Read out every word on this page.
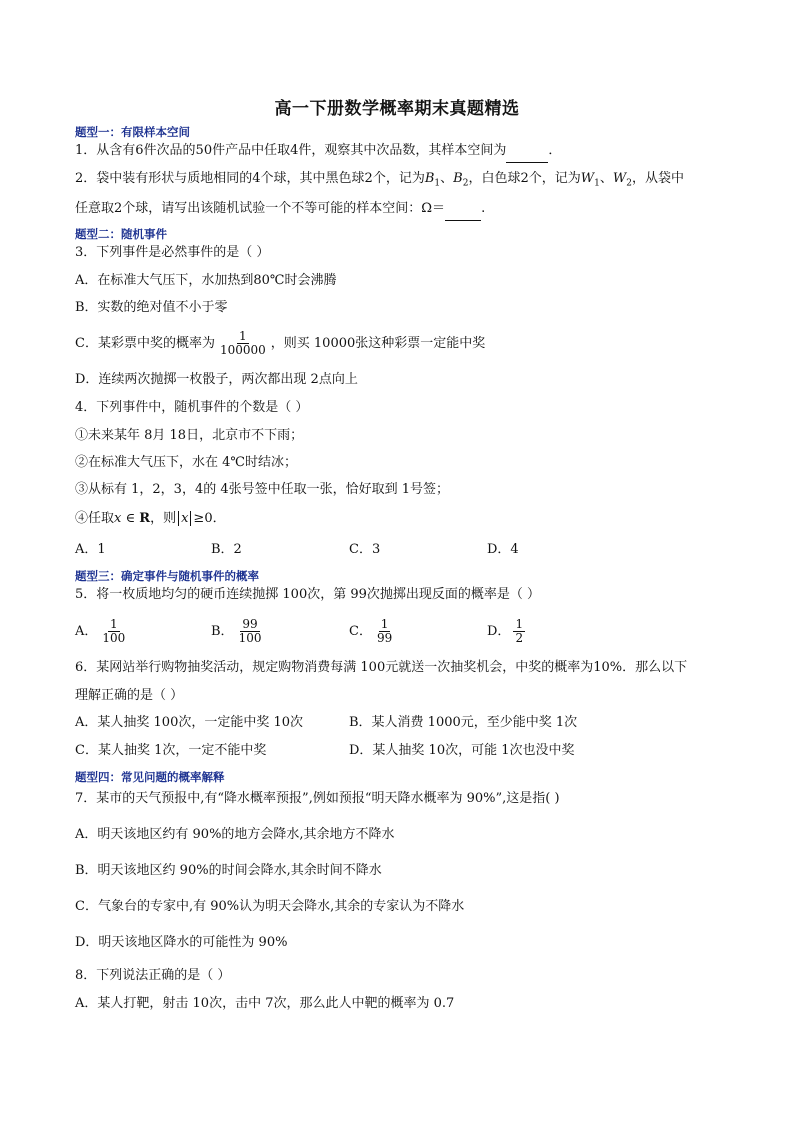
高一下册数学概率期末真题精选
题型一：有限样本空间
1．从含有6件次品的50件产品中任取4件，观察其中次品数，其样本空间为	．
2．袋中装有形状与质地相同的4个球，其中黑色球2个，记为$B_1$、$B_2$，白色球2个，记为$W_1$、$W_2$，从袋中
任意取2个球，请写出该随机试验一个不等可能的样本空间：Ω＝	.
题型二：随机事件
3．下列事件是必然事件的是（ ）
A．在标准大气压下，水加热到80℃时会沸腾
B．实数的绝对值不小于零
C．某彩票中奖的概率为 $\frac{1}{100000}$ ，则买 10000张这种彩票一定能中奖
D．连续两次抛掷一枚骰子，两次都出现 2点向上
4．下列事件中，随机事件的个数是（ ）
①未来某年 8月 18日，北京市不下雨；
②在标准大气压下，水在 4℃时结冰；
③从标有 1，2，3，4的 4张号签中任取一张，恰好取到 1号签；
④任取x ∈ R，则 x ≥0．
A．1	B．2	C．3	D．4
题型三：确定事件与随机事件的概率
5．将一枚质地均匀的硬币连续抛掷 100次，第 99次抛掷出现反面的概率是（ ）
A． $\frac{1}{100}$	B． $\frac{99}{100}$	C． $\frac{1}{99}$	D． $\frac{1}{2}$
6．某网站举行购物抽奖活动，规定购物消费每满 100元就送一次抽奖机会，中奖的概率为10%．那么以下
理解正确的是（ ）
A．某人抽奖 100次，一定能中奖 10次	B．某人消费 1000元，至少能中奖 1次
C．某人抽奖 1次，一定不能中奖	D．某人抽奖 10次，可能 1次也没中奖
题型四：常见问题的概率解释
7．某市的天气预报中,有“降水概率预报”,例如预报“明天降水概率为 90%”,这是指( )
A．明天该地区约有 90%的地方会降水,其余地方不降水
B．明天该地区约 90%的时间会降水,其余时间不降水
C．气象台的专家中,有 90%认为明天会降水,其余的专家认为不降水
D．明天该地区降水的可能性为 90%
8．下列说法正确的是（ ）
A．某人打靶，射击 10次，击中 7次，那么此人中靶的概率为 0.7
